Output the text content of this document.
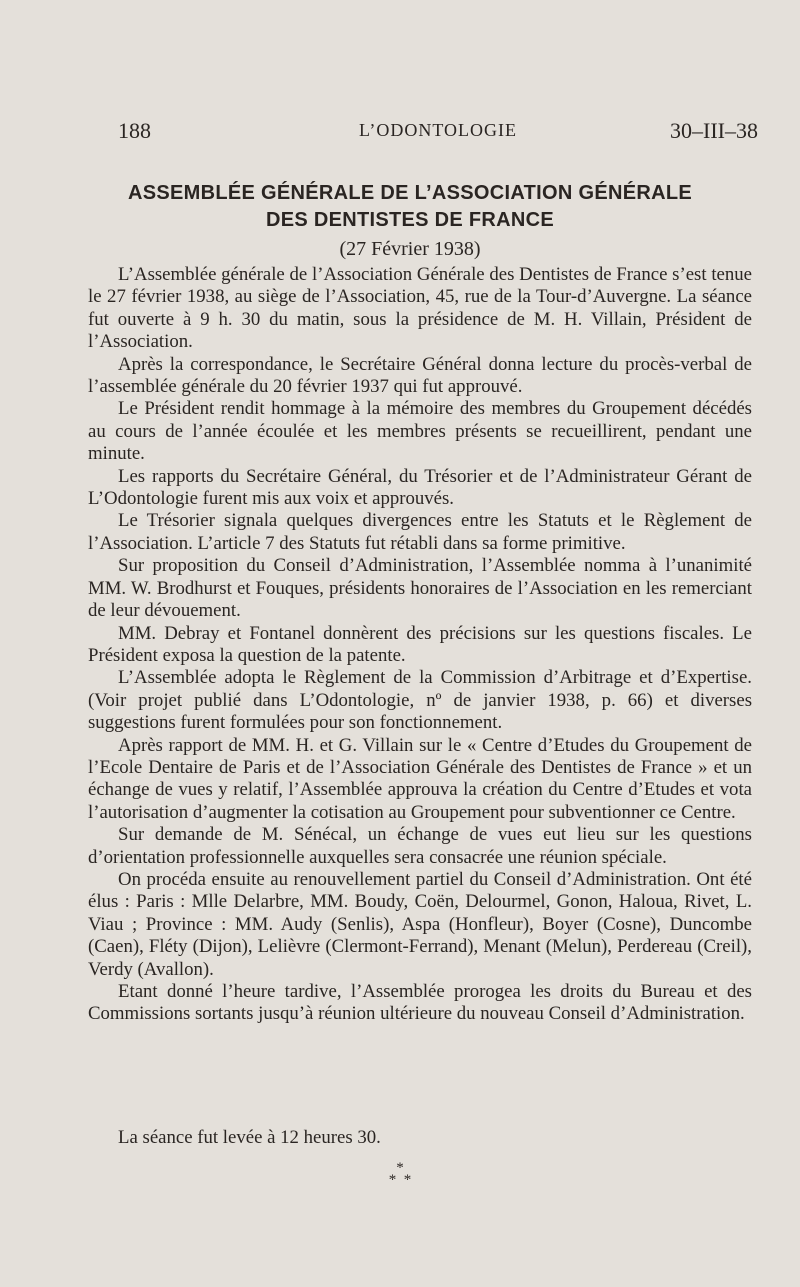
188	L’ODONTOLOGIE	30–III–38
ASSEMBLÉE GÉNÉRALE DE L’ASSOCIATION GÉNÉRALE
DES DENTISTES DE FRANCE
(27 Février 1938)

L’Assemblée générale de l’Association Générale des Dentistes de France s’est tenue le 27 février 1938, au siège de l’Association, 45, rue de la Tour-d’Auvergne. La séance fut ouverte à 9 h. 30 du matin, sous la présidence de M. H. Villain, Président de l’Association.

Après la correspondance, le Secrétaire Général donna lecture du procès-verbal de l’assemblée générale du 20 février 1937 qui fut approuvé.

Le Président rendit hommage à la mémoire des membres du Groupement décédés au cours de l’année écoulée et les membres présents se recueillirent, pendant une minute.

Les rapports du Secrétaire Général, du Trésorier et de l’Administrateur Gérant de L’Odontologie furent mis aux voix et approuvés.

Le Trésorier signala quelques divergences entre les Statuts et le Règlement de l’Association. L’article 7 des Statuts fut rétabli dans sa forme primitive.

Sur proposition du Conseil d’Administration, l’Assemblée nomma à l’unanimité MM. W. Brodhurst et Fouques, présidents honoraires de l’Association en les remerciant de leur dévouement.

MM. Debray et Fontanel donnèrent des précisions sur les questions fiscales. Le Président exposa la question de la patente.

L’Assemblée adopta le Règlement de la Commission d’Arbitrage et d’Expertise. (Voir projet publié dans L’Odontologie, nº de janvier 1938, p. 66) et diverses suggestions furent formulées pour son fonctionnement.

Après rapport de MM. H. et G. Villain sur le « Centre d’Etudes du Groupement de l’Ecole Dentaire de Paris et de l’Association Générale des Dentistes de France » et un échange de vues y relatif, l’Assemblée approuva la création du Centre d’Etudes et vota l’autorisation d’augmenter la cotisation au Groupement pour subventionner ce Centre.

Sur demande de M. Sénécal, un échange de vues eut lieu sur les questions d’orientation professionnelle auxquelles sera consacrée une réunion spéciale.

On procéda ensuite au renouvellement partiel du Conseil d’Administration. Ont été élus : Paris : Mlle Delarbre, MM. Boudy, Coën, Delourmel, Gonon, Haloua, Rivet, L. Viau ; Province : MM. Audy (Senlis), Aspa (Honfleur), Boyer (Cosne), Duncombe (Caen), Fléty (Dijon), Lelièvre (Clermont-Ferrand), Menant (Melun), Perdereau (Creil), Verdy (Avallon).

Etant donné l’heure tardive, l’Assemblée prorogea les droits du Bureau et des Commissions sortants jusqu’à réunion ultérieure du nouveau Conseil d’Administration.

La séance fut levée à 12 heures 30.
*
*  *
